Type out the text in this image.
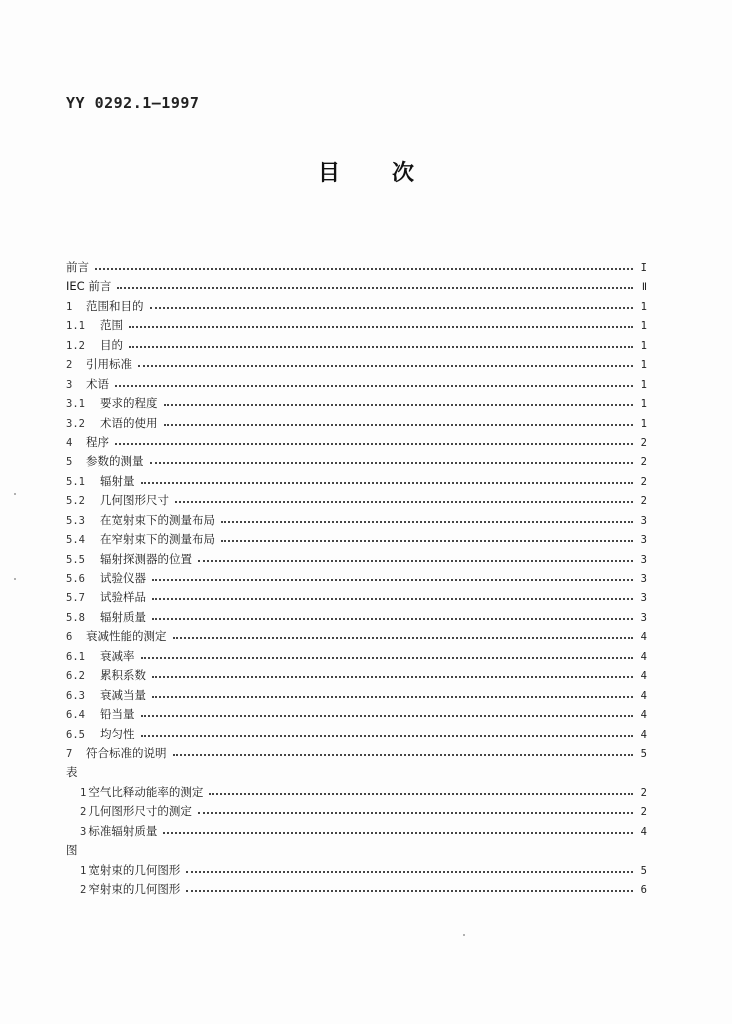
YY 0292.1—1997
目次
前言	I
IEC 前言	Ⅱ
1	范围和目的	1
1.1	范围	1
1.2	目的	1
2	引用标准	1
3	术语	1
3.1	要求的程度	1
3.2	术语的使用	1
4	程序	2
5	参数的测量	2
5.1	辐射量	2
5.2	几何图形尺寸	2
5.3	在宽射束下的测量布局	3
5.4	在窄射束下的测量布局	3
5.5	辐射探测器的位置	3
5.6	试验仪器	3
5.7	试验样品	3
5.8	辐射质量	3
6	衰减性能的测定	4
6.1	衰减率	4
6.2	累积系数	4
6.3	衰减当量	4
6.4	铅当量	4
6.5	均匀性	4
7	符合标准的说明	5
表
1 空气比释动能率的测定	2
2 几何图形尺寸的测定	2
3 标准辐射质量	4
图
1 宽射束的几何图形	5
2 窄射束的几何图形	6
